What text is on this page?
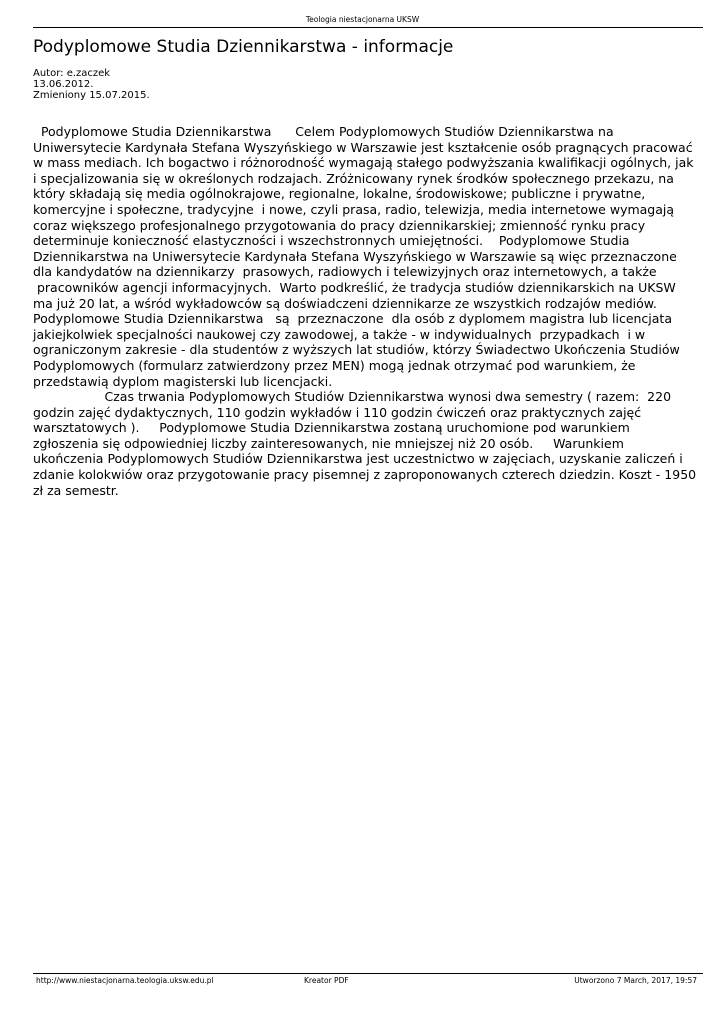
Teologia niestacjonarna UKSW
Podyplomowe Studia Dziennikarstwa - informacje
Autor: e.zaczek
13.06.2012.
Zmieniony 15.07.2015.
Podyplomowe Studia Dziennikarstwa      Celem Podyplomowych Studiów Dziennikarstwa na
Uniwersytecie Kardynała Stefana Wyszyńskiego w Warszawie jest kształcenie osób pragnących pracować
w mass mediach. Ich bogactwo i różnorodność wymagają stałego podwyższania kwalifikacji ogólnych, jak
i specjalizowania się w określonych rodzajach. Zróżnicowany rynek środków społecznego przekazu, na
który składają się media ogólnokrajowe, regionalne, lokalne, środowiskowe; publiczne i prywatne,
komercyjne i społeczne, tradycyjne  i nowe, czyli prasa, radio, telewizja, media internetowe wymagają
coraz większego profesjonalnego przygotowania do pracy dziennikarskiej; zmienność rynku pracy
determinuje konieczność elastyczności i wszechstronnych umiejętności.    Podyplomowe Studia
Dziennikarstwa na Uniwersytecie Kardynała Stefana Wyszyńskiego w Warszawie są więc przeznaczone
dla kandydatów na dziennikarzy  prasowych, radiowych i telewizyjnych oraz internetowych, a także
pracowników agencji informacyjnych.  Warto podkreślić, że tradycja studiów dziennikarskich na UKSW
ma już 20 lat, a wśród wykładowców są doświadczeni dziennikarze ze wszystkich rodzajów mediów.
Podyplomowe Studia Dziennikarstwa   są  przeznaczone  dla osób z dyplomem magistra lub licencjata
jakiejkolwiek specjalności naukowej czy zawodowej, a także - w indywidualnych  przypadkach  i w
ograniczonym zakresie - dla studentów z wyższych lat studiów, którzy Świadectwo Ukończenia Studiów
Podyplomowych (formularz zatwierdzony przez MEN) mogą jednak otrzymać pod warunkiem, że
przedstawią dyplom magisterski lub licencjacki.
Czas trwania Podyplomowych Studiów Dziennikarstwa wynosi dwa semestry ( razem:  220
godzin zajęć dydaktycznych, 110 godzin wykładów i 110 godzin ćwiczeń oraz praktycznych zajęć
warsztatowych ).     Podyplomowe Studia Dziennikarstwa zostaną uruchomione pod warunkiem
zgłoszenia się odpowiedniej liczby zainteresowanych, nie mniejszej niż 20 osób.     Warunkiem
ukończenia Podyplomowych Studiów Dziennikarstwa jest uczestnictwo w zajęciach, uzyskanie zaliczeń i
zdanie kolokwiów oraz przygotowanie pracy pisemnej z zaproponowanych czterech dziedzin. Koszt - 1950
zł za semestr.
http://www.niestacjonarna.teologia.uksw.edu.pl	Kreator PDF	Utworzono 7 March, 2017, 19:57
